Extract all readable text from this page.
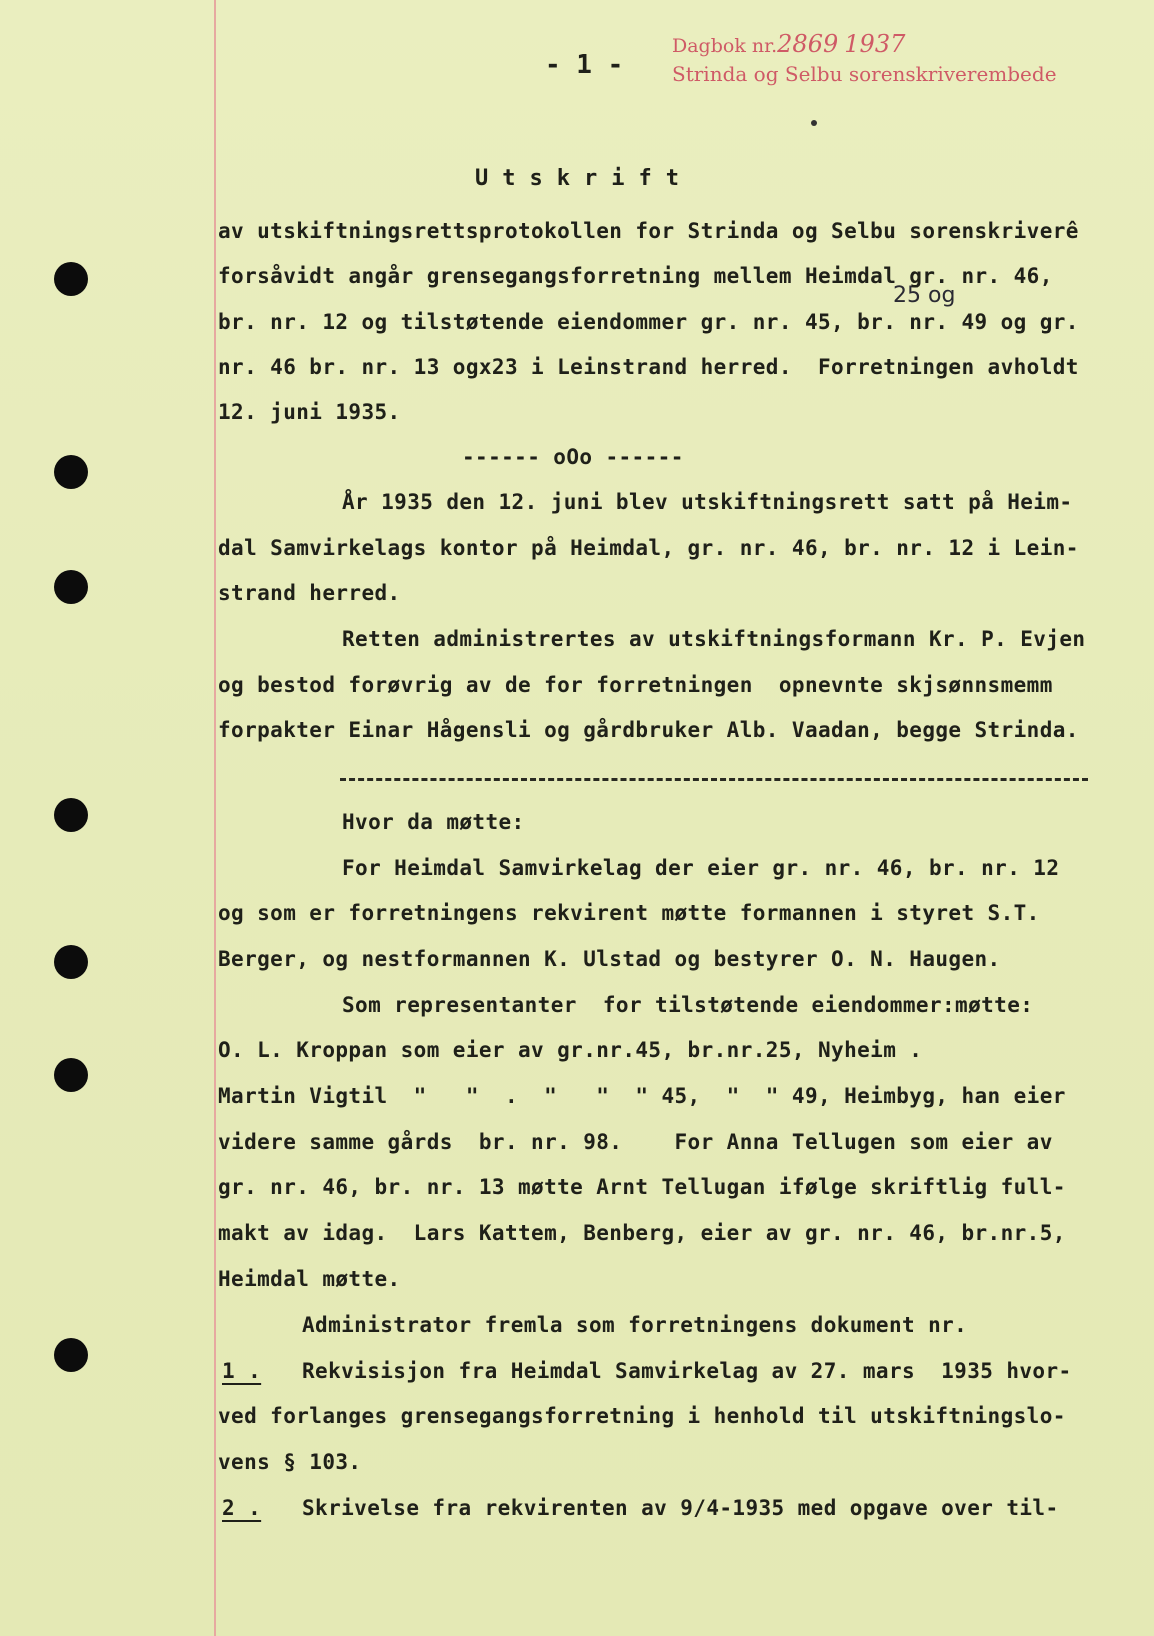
Dagbok nr.2869 1937
Strinda og Selbu sorenskriverembede
- 1 -
Utskrift
25 og
av utskiftningsrettsprotokollen for Strinda og Selbu sorenskriverê
forsåvidt angår grensegangsforretning mellem Heimdal gr. nr. 46,
br. nr. 12 og tilstøtende eiendommer gr. nr. 45, br. nr. 49 og gr.
nr. 46 br. nr. 13 ogx23 i Leinstrand herred.  Forretningen avholdt
12. juni 1935.
------ oOo ------
År 1935 den 12. juni blev utskiftningsrett satt på Heim-
dal Samvirkelags kontor på Heimdal, gr. nr. 46, br. nr. 12 i Lein-
strand herred.
Retten administrertes av utskiftningsformann Kr. P. Evjen
og bestod forøvrig av de for forretningen  opnevnte skjsønnsmemm
forpakter Einar Hågensli og gårdbruker Alb. Vaadan, begge Strinda.
Hvor da møtte:
For Heimdal Samvirkelag der eier gr. nr. 46, br. nr. 12
og som er forretningens rekvirent møtte formannen i styret S.T.
Berger, og nestformannen K. Ulstad og bestyrer O. N. Haugen.
Som representanter  for tilstøtende eiendommer:møtte:
O. L. Kroppan som eier av gr.nr.45, br.nr.25, Nyheim .
Martin Vigtil  "   "  .  "   "  " 45,  "  " 49, Heimbyg, han eier
videre samme gårds  br. nr. 98.    For Anna Tellugen som eier av
gr. nr. 46, br. nr. 13 møtte Arnt Tellugan ifølge skriftlig full-
makt av idag.  Lars Kattem, Benberg, eier av gr. nr. 46, br.nr.5,
Heimdal møtte.
Administrator fremla som forretningens dokument nr.
1 . Rekvisisjon fra Heimdal Samvirkelag av 27. mars  1935 hvor-
ved forlanges grensegangsforretning i henhold til utskiftningslo-
vens § 103.
2 . Skrivelse fra rekvirenten av 9/4-1935 med opgave over til-
